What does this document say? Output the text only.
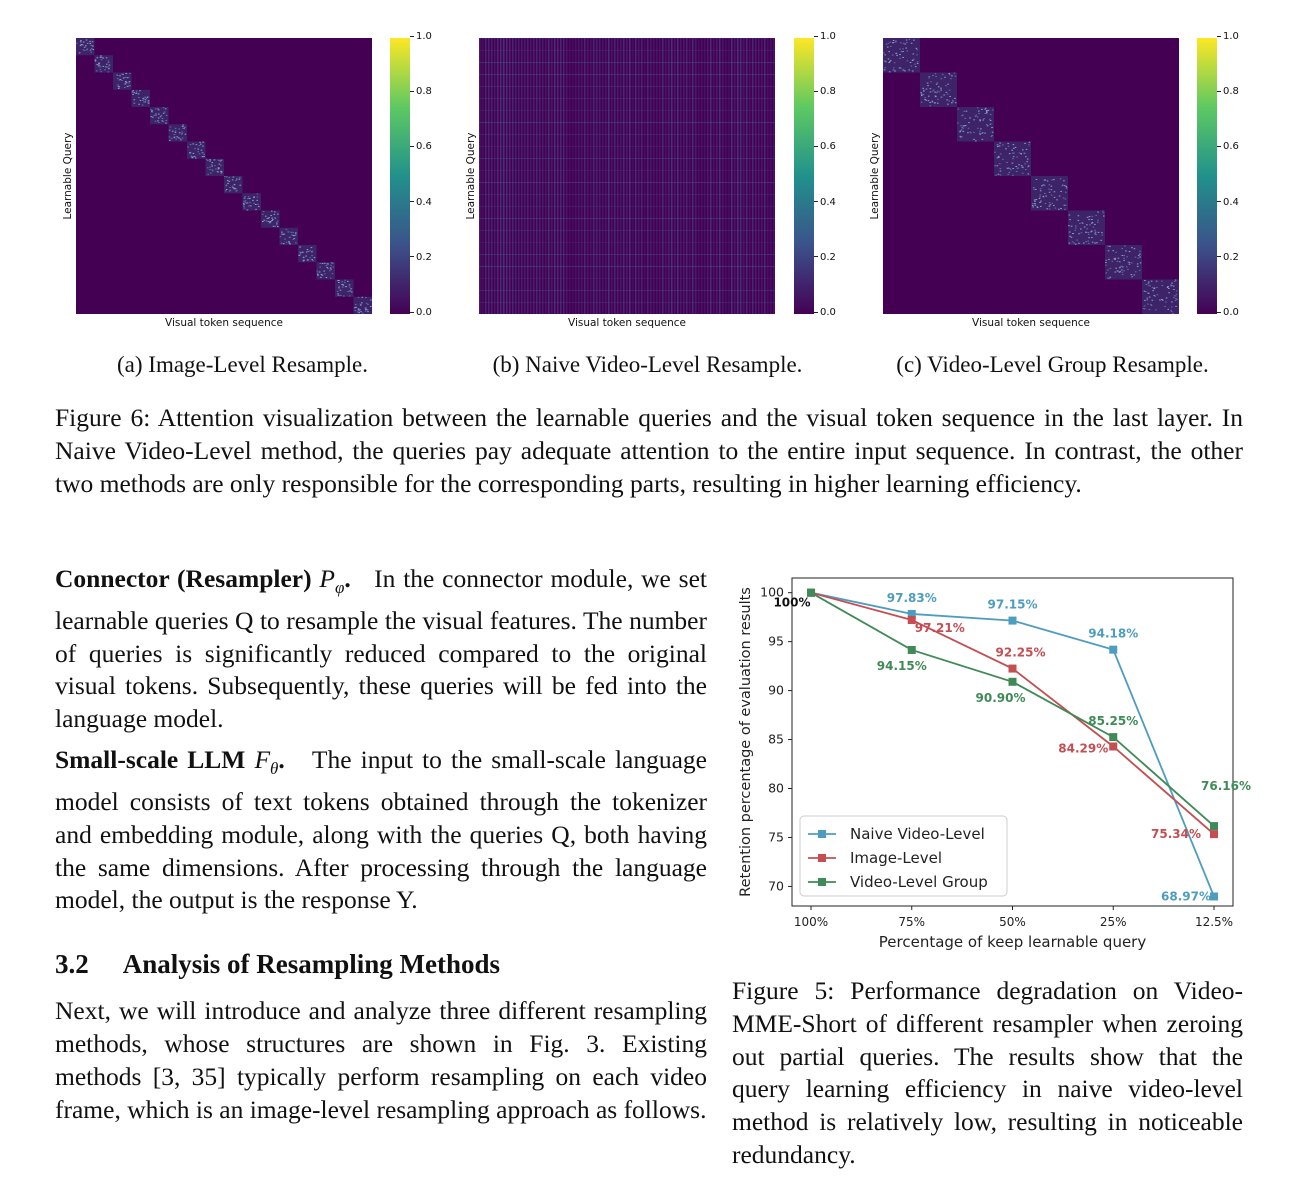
Learnable Query
Visual token sequence
0.0
0.2
0.4
0.6
0.8
1.0
Learnable Query
Visual token sequence
0.0
0.2
0.4
0.6
0.8
1.0
Learnable Query
Visual token sequence
0.0
0.2
0.4
0.6
0.8
1.0
(a) Image-Level Resample.	(b) Naive Video-Level Resample.	(c) Video-Level Group Resample.
Figure 6: Attention visualization between the learnable queries and the visual token sequence in the last layer. In Naive Video-Level method, the queries pay adequate attention to the entire input sequence. In contrast, the other two methods are only responsible for the corresponding parts, resulting in higher learning efficiency.

Connector (Resampler) $P_\varphi$. In the connector module, we set learnable queries Q to resample the visual features. The number of queries is significantly reduced compared to the original visual tokens. Subsequently, these queries will be fed into the language model.

Small-scale LLM $F_\theta$. The input to the small-scale language model consists of text tokens obtained through the tokenizer and embedding module, along with the queries Q, both having the same dimensions. After processing through the language model, the output is the response Y.

3.2 Analysis of Resampling Methods

Next, we will introduce and analyze three different resampling methods, whose structures are shown in Fig. 3. Existing methods [3, 35] typically perform resampling on each video frame, which is an image-level resampling approach as follows.

70
75
80
85
90
95
100
100%	75%	50%	25%	12.5%
Percentage of keep learnable query
Retention percentage of evaluation results	97.83%	97.15%
94.18%
68.97%
97.21%
92.25%
84.29%
75.34%
100%
94.15%
90.90%
85.25%
76.16%
Naive Video-Level
Image-Level
Video-Level Group
Figure 5: Performance degradation on Video-MME-Short of different resampler when zeroing out partial queries. The results show that the query learning efficiency in naive video-level method is relatively low, resulting in noticeable redundancy.
